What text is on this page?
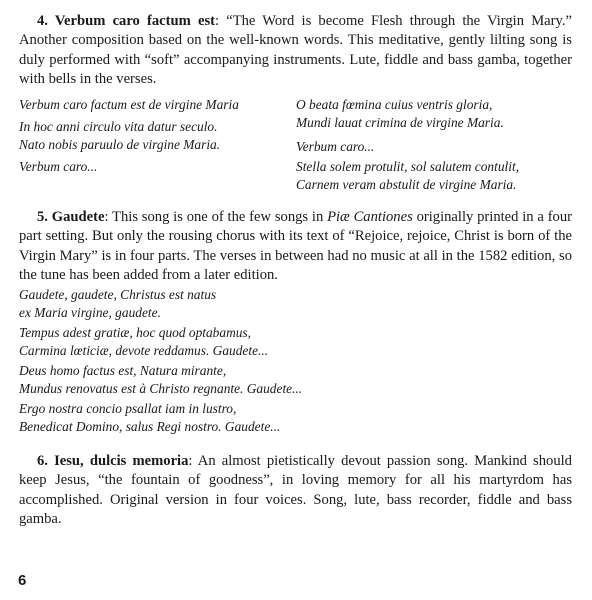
4. Verbum caro factum est: “The Word is become Flesh through the Virgin Mary.” Another composition based on the well-known words. This meditative, gently lilting song is duly performed with “soft” accompanying instruments. Lute, fiddle and bass gamba, together with bells in the verses.
Verbum caro factum est de virgine Maria
In hoc anni circulo vita datur seculo.
Nato nobis paruulo de virgine Maria.
Verbum caro...
O beata fœmina cuius ventris gloria,
Mundi lauat crimina de virgine Maria.
Verbum caro...
Stella solem protulit, sol salutem contulit,
Carnem veram abstulit de virgine Maria.
5. Gaudete: This song is one of the few songs in Piæ Cantiones originally printed in a four part setting. But only the rousing chorus with its text of “Rejoice, rejoice, Christ is born of the Virgin Mary” is in four parts. The verses in between had no music at all in the 1582 edition, so the tune has been added from a later edition.
Gaudete, gaudete, Christus est natus
ex Maria virgine, gaudete.
Tempus adest gratiæ, hoc quod optabamus,
Carmina lœticiæ, devote reddamus. Gaudete...
Deus homo factus est, Natura mirante,
Mundus renovatus est à Christo regnante. Gaudete...
Ergo nostra concio psallat iam in lustro,
Benedicat Domino, salus Regi nostro. Gaudete...
6. Iesu, dulcis memoria: An almost pietistically devout passion song. Mankind should keep Jesus, “the fountain of goodness”, in loving memory for all his martyrdom has accomplished. Original version in four voices. Song, lute, bass recorder, fiddle and bass gamba.
6
